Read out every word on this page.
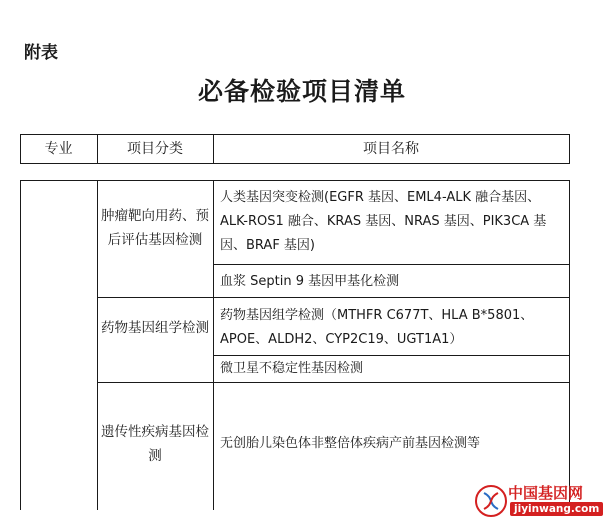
附表
必备检验项目清单
专业	项目分类	项目名称
肿瘤靶向用药、预后评估基因检测
人类基因突变检测(EGFR 基因、EML4-ALK 融合基因、ALK-ROS1 融合、KRAS 基因、NRAS 基因、PIK3CA 基因、BRAF 基因)
血浆 Septin 9 基因甲基化检测
药物基因组学检测
药物基因组学检测（MTHFR C677T、HLA B*5801、APOE、ALDH2、CYP2C19、UGT1A1）
微卫星不稳定性基因检测
遗传性疾病基因检测
无创胎儿染色体非整倍体疾病产前基因检测等
中国基因网
jiyinwang.com
